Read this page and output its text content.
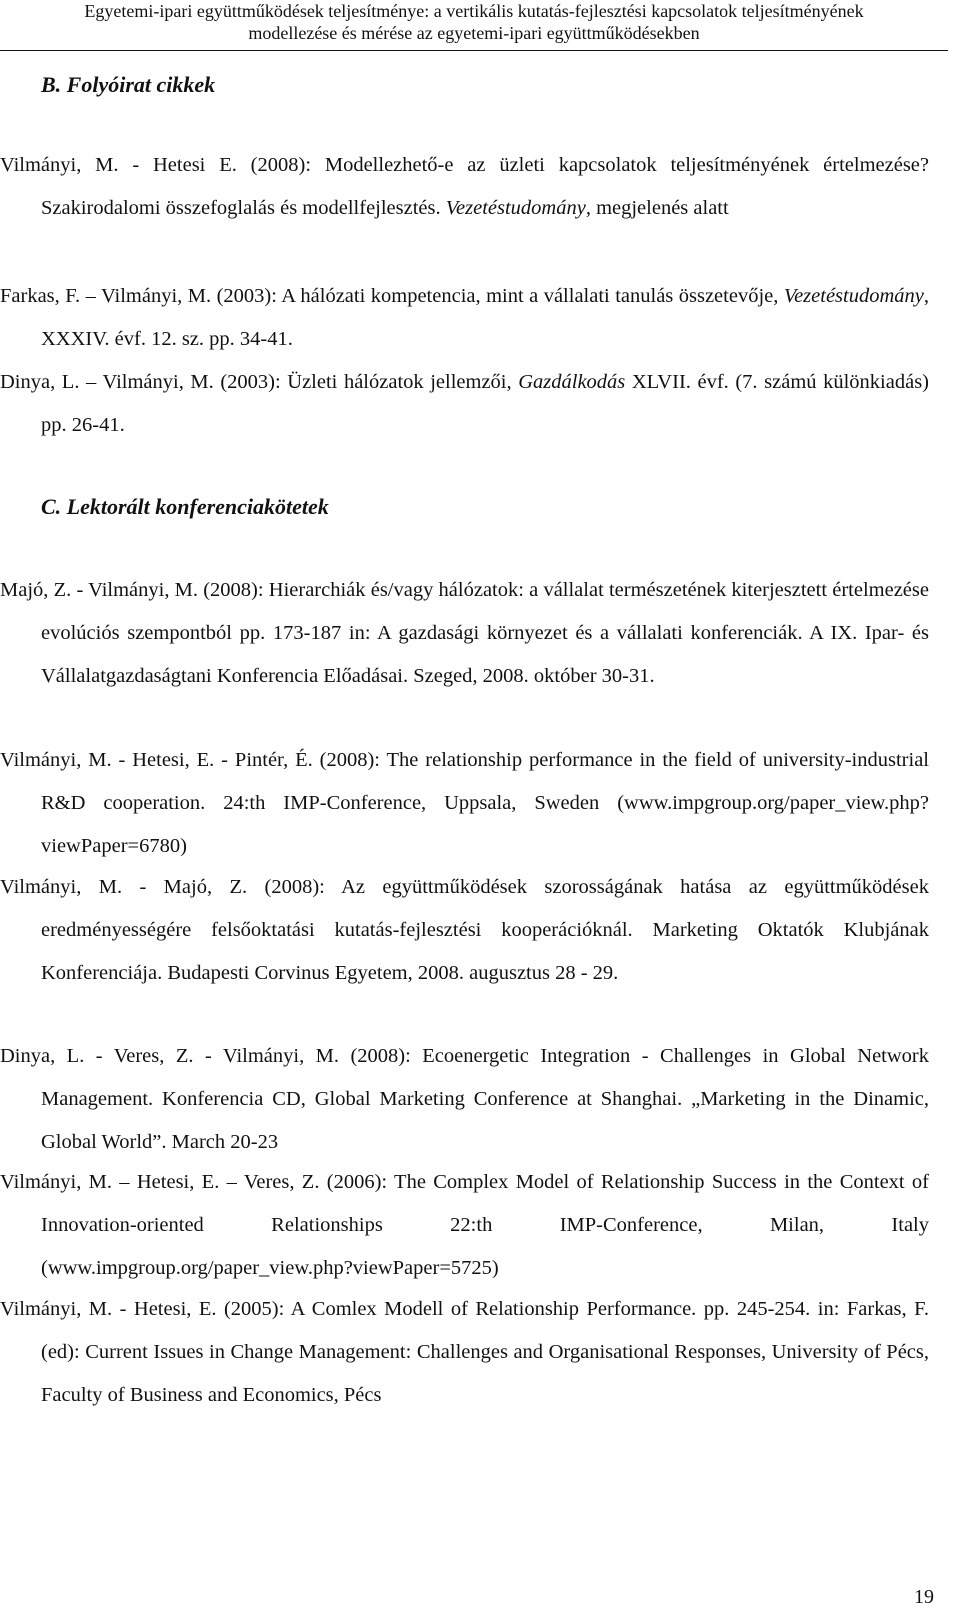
Egyetemi-ipari együttműködések teljesítménye: a vertikális kutatás-fejlesztési kapcsolatok teljesítményének
modellezése és mérése az egyetemi-ipari együttműködésekben
B. Folyóirat cikkek
Vilmányi, M. - Hetesi E. (2008): Modellezhető-e az üzleti kapcsolatok teljesítményének értelmezése? Szakirodalomi összefoglalás és modellfejlesztés. Vezetéstudomány, megjelenés alatt
Farkas, F. – Vilmányi, M. (2003): A hálózati kompetencia, mint a vállalati tanulás összetevője, Vezetéstudomány, XXXIV. évf. 12. sz. pp. 34-41.
Dinya, L. – Vilmányi, M. (2003): Üzleti hálózatok jellemzői, Gazdálkodás XLVII. évf. (7. számú különkiadás) pp. 26-41.
C. Lektorált konferenciakötetek
Majó, Z. - Vilmányi, M. (2008): Hierarchiák és/vagy hálózatok: a vállalat természetének kiterjesztett értelmezése evolúciós szempontból pp. 173-187 in: A gazdasági környezet és a vállalati konferenciák. A IX. Ipar- és Vállalatgazdaságtani Konferencia Előadásai. Szeged, 2008. október 30-31.
Vilmányi, M. - Hetesi, E. - Pintér, É. (2008): The relationship performance in the field of university-industrial R&D cooperation. 24:th IMP-Conference, Uppsala, Sweden (www.impgroup.org/paper_view.php?viewPaper=6780)
Vilmányi, M. - Majó, Z. (2008): Az együttműködések szorosságának hatása az együttműködések eredményességére felsőoktatási kutatás-fejlesztési kooperációknál. Marketing Oktatók Klubjának Konferenciája. Budapesti Corvinus Egyetem, 2008. augusztus 28 - 29.
Dinya, L. - Veres, Z. - Vilmányi, M. (2008): Ecoenergetic Integration - Challenges in Global Network Management. Konferencia CD, Global Marketing Conference at Shanghai. „Marketing in the Dinamic, Global World”. March 20-23
Vilmányi, M. – Hetesi, E. – Veres, Z. (2006): The Complex Model of Relationship Success in the Context of Innovation-oriented Relationships 22:th IMP-Conference, Milan, Italy (www.impgroup.org/paper_view.php?viewPaper=5725)
Vilmányi, M. - Hetesi, E. (2005): A Comlex Modell of Relationship Performance. pp. 245-254. in: Farkas, F. (ed): Current Issues in Change Management: Challenges and Organisational Responses, University of Pécs, Faculty of Business and Economics, Pécs
19
